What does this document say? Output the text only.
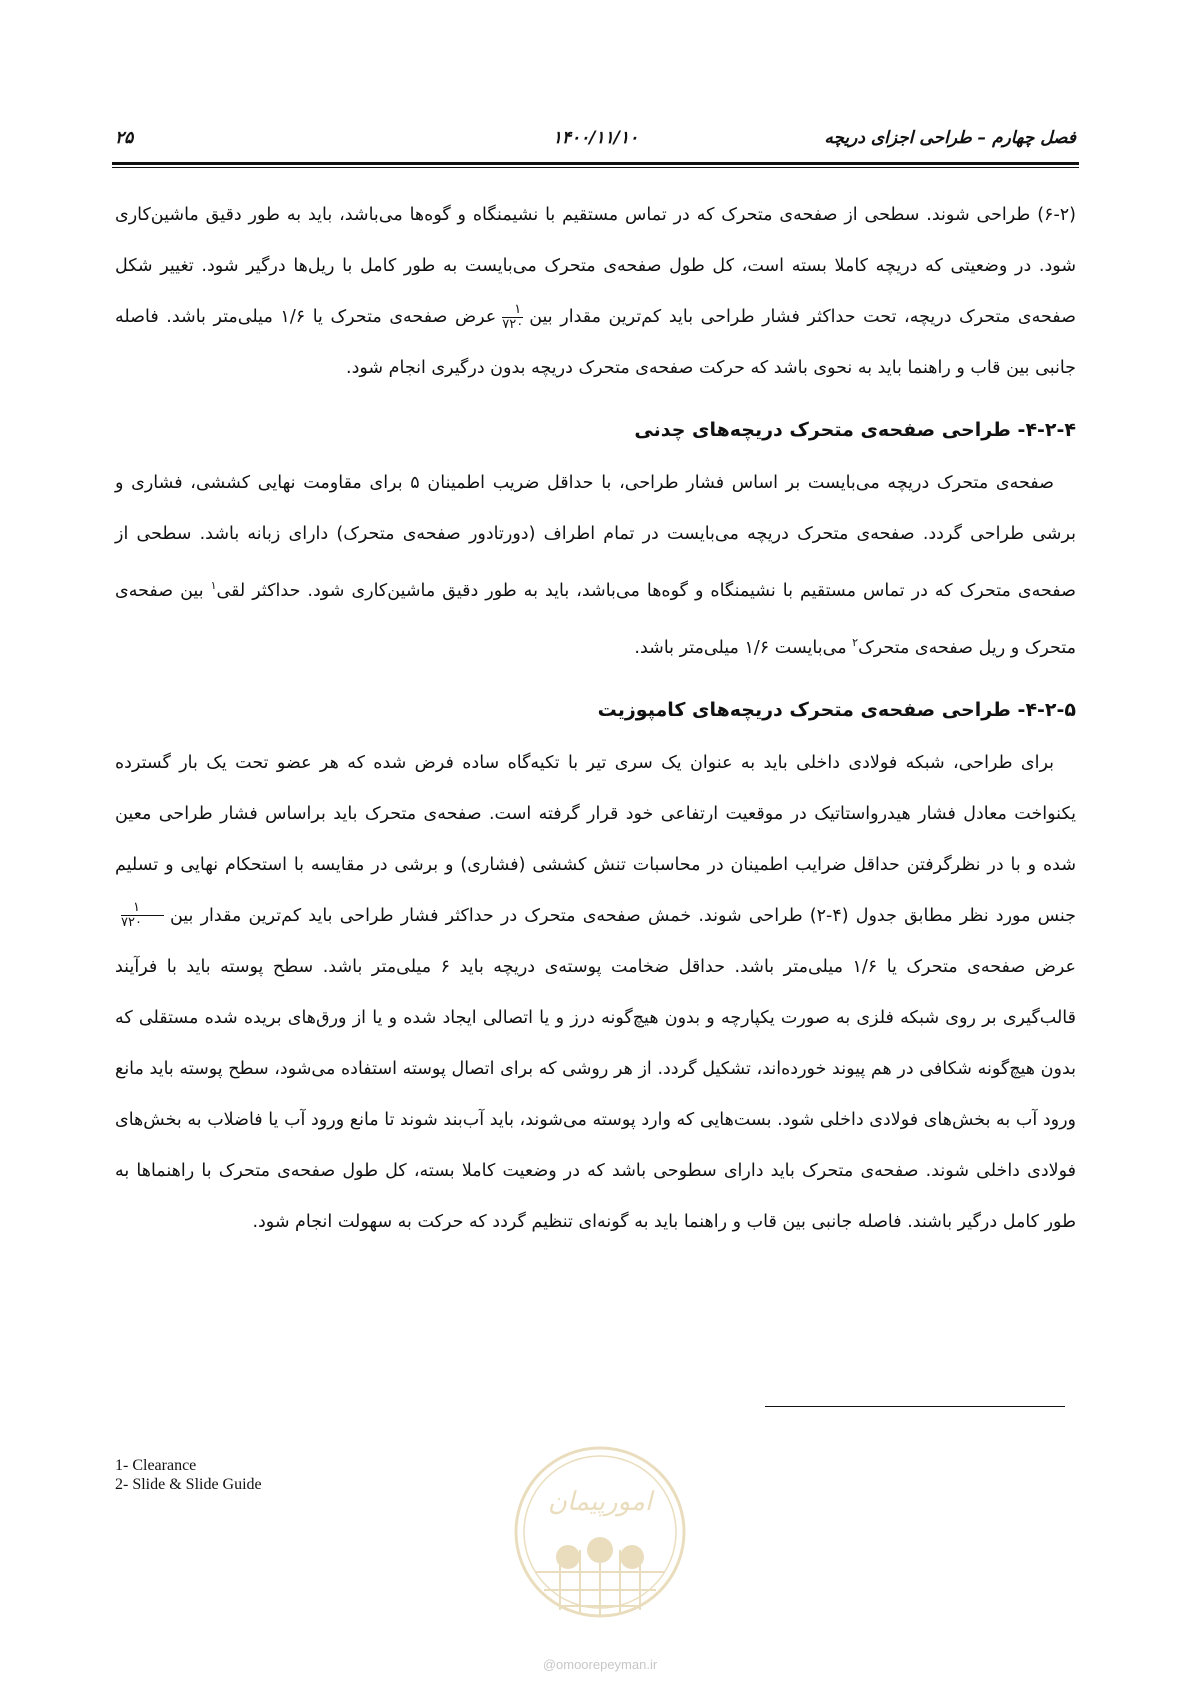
۲۵	۱۴۰۰/۱۱/۱۰	فصل چهارم – طراحی اجزای دریچه

(۶-۲) طراحی شوند. سطحی از صفحه‌ی متحرک که در تماس مستقیم با نشیمنگاه و گوه‌ها می‌باشد، باید به طور دقیق ماشین‌کاری شود. در وضعیتی که دریچه کاملا بسته است، کل طول صفحه‌ی متحرک می‌بایست به طور کامل با ریل‌ها درگیر شود. تغییر شکل صفحه‌ی متحرک دریچه، تحت حداکثر فشار طراحی باید کم‌ترین مقدار بین
$\frac{۱}{۷۲۰}$
عرض صفحه‌ی متحرک یا ۱/۶ میلی‌متر باشد. فاصله جانبی بین قاب و راهنما باید به نحوی باشد که حرکت صفحه‌ی متحرک دریچه بدون درگیری انجام شود.

۴-۲-۴- طراحی صفحه‌ی متحرک دریچه‌های چدنی

صفحه‌ی متحرک دریچه می‌بایست بر اساس فشار طراحی، با حداقل ضریب اطمینان ۵ برای مقاومت نهایی کششی، فشاری و برشی طراحی گردد. صفحه‌ی متحرک دریچه می‌بایست در تمام اطراف (دورتادور صفحه‌ی متحرک) دارای زبانه باشد. سطحی از صفحه‌ی متحرک که در تماس مستقیم با نشیمنگاه و گوه‌ها می‌باشد، باید به طور دقیق ماشین‌کاری شود. حداکثر لقی$^۱$ بین صفحه‌ی متحرک و ریل صفحه‌ی متحرک$^۲$ می‌بایست ۱/۶ میلی‌متر باشد.

۴-۲-۵- طراحی صفحه‌ی متحرک دریچه‌های کامپوزیت

برای طراحی، شبکه فولادی داخلی باید به عنوان یک سری تیر با تکیه‌گاه ساده فرض شده که هر عضو تحت یک بار گسترده یکنواخت معادل فشار هیدرواستاتیک در موقعیت ارتفاعی خود قرار گرفته است. صفحه‌ی متحرک باید براساس فشار طراحی معین شده و با در نظرگرفتن حداقل ضرایب اطمینان در محاسبات تنش کششی (فشاری) و برشی در مقایسه با استحکام نهایی و تسلیم جنس مورد نظر مطابق جدول (۴-۲) طراحی شوند. خمش صفحه‌ی متحرک در حداکثر فشار طراحی باید کم‌ترین مقدار بین
$\frac{۱}{۷۲۰}$
عرض صفحه‌ی متحرک یا ۱/۶ میلی‌متر باشد. حداقل ضخامت پوسته‌ی دریچه باید ۶ میلی‌متر باشد. سطح پوسته باید با فرآیند قالب‌گیری بر روی شبکه فلزی به صورت یکپارچه و بدون هیچ‌گونه درز و یا اتصالی ایجاد شده و یا از ورق‌های بریده شده مستقلی که بدون هیچ‌گونه شکافی در هم پیوند خورده‌اند، تشکیل گردد. از هر روشی که برای اتصال پوسته استفاده می‌شود، سطح پوسته باید مانع ورود آب به بخش‌های فولادی داخلی شود. بست‌هایی که وارد پوسته می‌شوند، باید آب‌بند شوند تا مانع ورود آب یا فاضلاب به بخش‌های فولادی داخلی شوند. صفحه‌ی متحرک باید دارای سطوحی باشد که در وضعیت کاملا بسته، کل طول صفحه‌ی متحرک با راهنماها به طور کامل درگیر باشند. فاصله جانبی بین قاب و راهنما باید به گونه‌ای تنظیم گردد که حرکت به سهولت انجام شود.

1- Clearance
2- Slide & Slide Guide
امورپیمان
@omoorepeyman.ir
